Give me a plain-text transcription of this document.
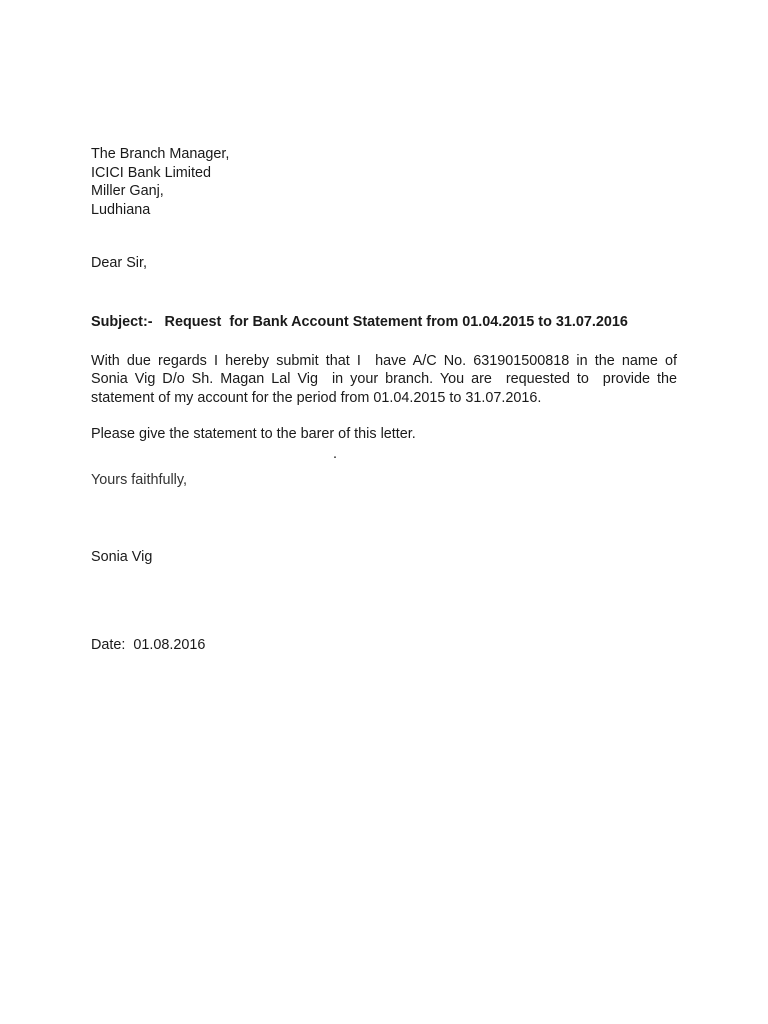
The Branch Manager,
ICICI Bank Limited
Miller Ganj,
Ludhiana
Dear Sir,
Subject:-   Request  for Bank Account Statement from 01.04.2015 to 31.07.2016
With due regards I hereby submit that I  have A/C No. 631901500818 in the name of
Sonia Vig D/o Sh. Magan Lal Vig  in your branch. You are  requested to  provide the
statement of my account for the period from 01.04.2015 to 31.07.2016.
Please give the statement to the barer of this letter.
.
Yours faithfully,
Sonia Vig
Date:  01.08.2016
